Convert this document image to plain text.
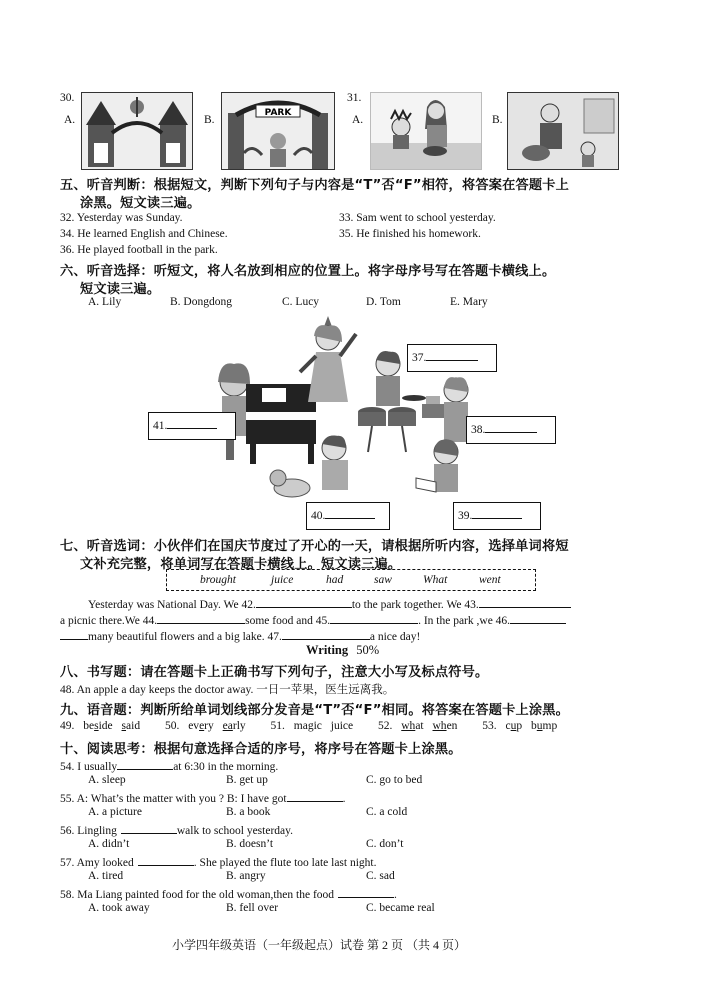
30.
A.	B.
PARK
31.
A.	B.
五、听音判断：根据短文，判断下列句子与内容是“T”否“F”相符，将答案在答题卡上
涂黑。短文读三遍。
32. Yesterday was Sunday.	33. Sam went to school yesterday.
34. He learned English and Chinese.	35. He finished his homework.
36. He played football in the park.
六、听音选择：听短文，将人名放到相应的位置上。将字母序号写在答题卡横线上。
短文读三遍。
A. Lily	B. Dongdong	C. Lucy	D. Tom	E. Mary
37.
38.
39.
40.
41.
七、听音选词：小伙伴们在国庆节度过了开心的一天，请根据所听内容，选择单词将短
文补充完整，将单词写在答题卡横线上。短文读三遍。
brought	juice	had	saw	What	went
Yesterday was National Day. We 42.	to the park together. We 43.
a picnic there.We 44.	some food and 45.	. In the park ,we 46.
many beautiful flowers and a big lake. 47.	a nice day!
Writing 50%
八、书写题：请在答题卡上正确书写下列句子，注意大小写及标点符号。
48. An apple a day keeps the doctor away. 一日一苹果，医生远离我。
九、语音题：判断所给单词划线部分发音是“T”否“F”相同。将答案在答题卡上涂黑。
49. beside said 50. every early 51. magic juice 52. what when 53. cup bump
十、阅读思考：根据句意选择合适的序号，将序号在答题卡上涂黑。
54. I usually	at 6:30 in the morning.
A. sleep	B. get up	C. go to bed
55. A: What’s the matter with you ? B: I have got	.
A. a picture	B. a book	C. a cold
56. Lingling	walk to school yesterday.
A. didn’t	B. doesn’t	C. don’t
57. Amy looked	. She played the flute too late last night.
A. tired	B. angry	C. sad
58. Ma Liang painted food for the old woman,then the food	.
A. took away	B. fell over	C. became real
小学四年级英语（一年级起点）试卷 第 2 页 （共 4 页）
